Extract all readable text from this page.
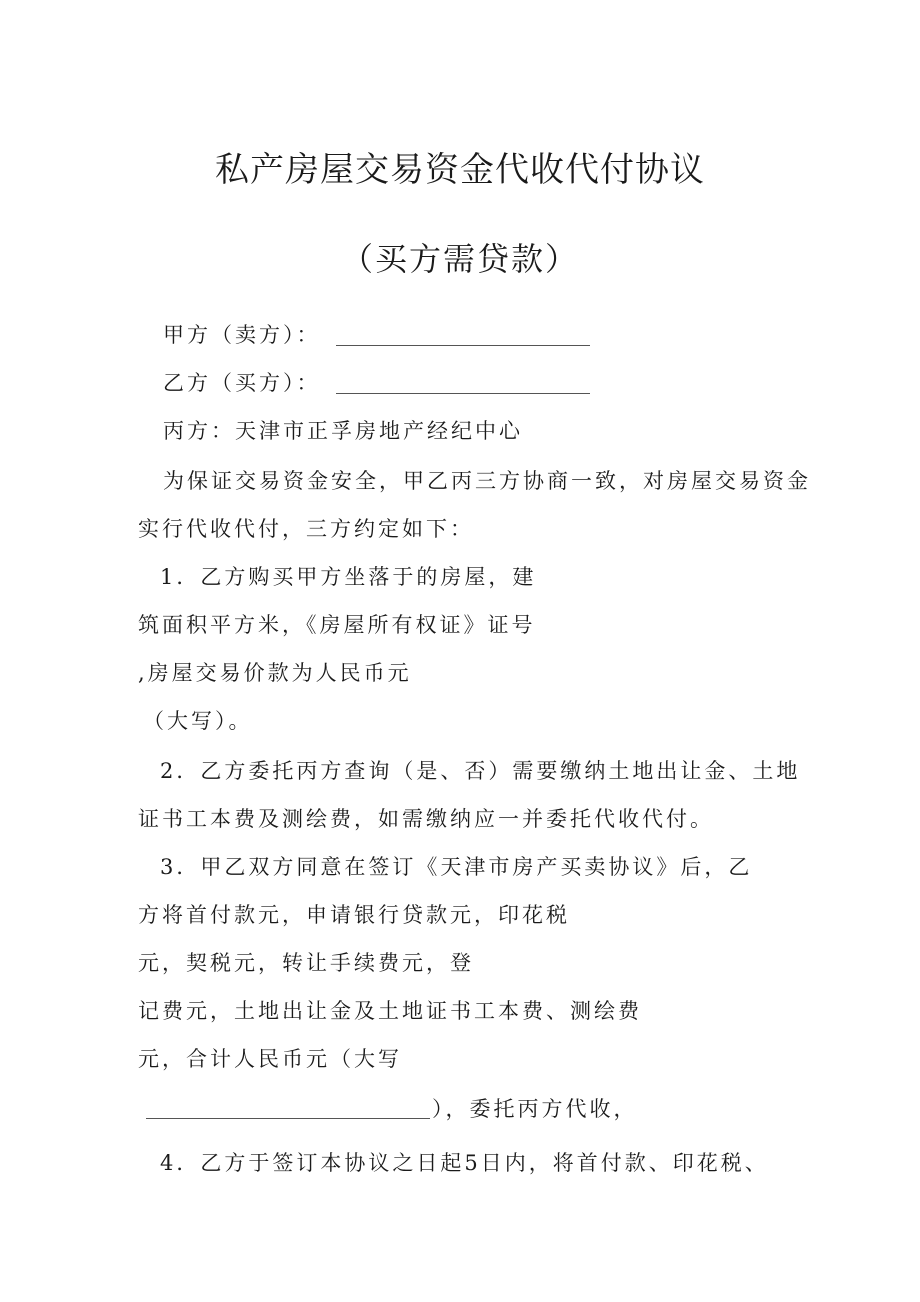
私产房屋交易资金代收代付协议
（买方需贷款）
甲方（卖方）：
乙方（买方）：
丙方：天津市正孚房地产经纪中心
为保证交易资金安全，甲乙丙三方协商一致，对房屋交易资金
实行代收代付，三方约定如下：
1．乙方购买甲方坐落于的房屋，建
筑面积平方米，《房屋所有权证》证号
,房屋交易价款为人民币元
（大写）。
2．乙方委托丙方查询（是、否）需要缴纳土地出让金、土地
证书工本费及测绘费，如需缴纳应一并委托代收代付。
3．甲乙双方同意在签订《天津市房产买卖协议》后，乙
方将首付款元，申请银行贷款元，印花税
元，契税元，转让手续费元，登
记费元，土地出让金及土地证书工本费、测绘费
元，合计人民币元（大写
），委托丙方代收，
4．乙方于签订本协议之日起5日内，将首付款、印花税、
